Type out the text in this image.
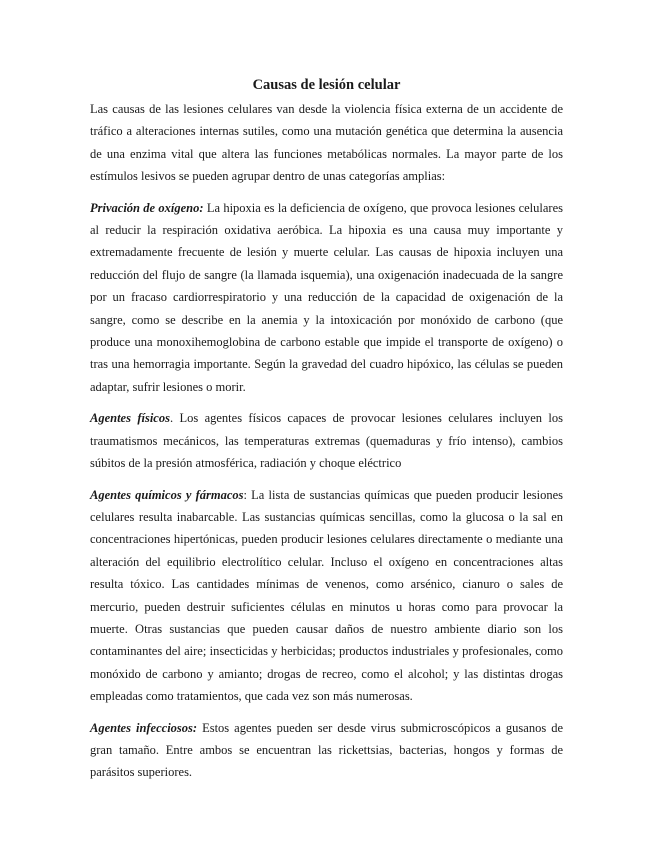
Causas de lesión celular

Las causas de las lesiones celulares van desde la violencia física externa de un accidente de tráfico a alteraciones internas sutiles, como una mutación genética que determina la ausencia de una enzima vital que altera las funciones metabólicas normales. La mayor parte de los estímulos lesivos se pueden agrupar dentro de unas categorías amplias:

Privación de oxígeno: La hipoxia es la deficiencia de oxígeno, que provoca lesiones celulares al reducir la respiración oxidativa aeróbica. La hipoxia es una causa muy importante y extremadamente frecuente de lesión y muerte celular. Las causas de hipoxia incluyen una reducción del flujo de sangre (la llamada isquemia), una oxigenación inadecuada de la sangre por un fracaso cardiorrespiratorio y una reducción de la capacidad de oxigenación de la sangre, como se describe en la anemia y la intoxicación por monóxido de carbono (que produce una monoxihemoglobina de carbono estable que impide el transporte de oxígeno) o tras una hemorragia importante. Según la gravedad del cuadro hipóxico, las células se pueden adaptar, sufrir lesiones o morir.

Agentes físicos. Los agentes físicos capaces de provocar lesiones celulares incluyen los traumatismos mecánicos, las temperaturas extremas (quemaduras y frío intenso), cambios súbitos de la presión atmosférica, radiación y choque eléctrico

Agentes químicos y fármacos: La lista de sustancias químicas que pueden producir lesiones celulares resulta inabarcable. Las sustancias químicas sencillas, como la glucosa o la sal en concentraciones hipertónicas, pueden producir lesiones celulares directamente o mediante una alteración del equilibrio electrolítico celular. Incluso el oxígeno en concentraciones altas resulta tóxico. Las cantidades mínimas de venenos, como arsénico, cianuro o sales de mercurio, pueden destruir suficientes células en minutos u horas como para provocar la muerte. Otras sustancias que pueden causar daños de nuestro ambiente diario son los contaminantes del aire; insecticidas y herbicidas; productos industriales y profesionales, como monóxido de carbono y amianto; drogas de recreo, como el alcohol; y las distintas drogas empleadas como tratamientos, que cada vez son más numerosas.

Agentes infecciosos: Estos agentes pueden ser desde virus submicroscópicos a gusanos de gran tamaño. Entre ambos se encuentran las rickettsias, bacterias, hongos y formas de parásitos superiores.
